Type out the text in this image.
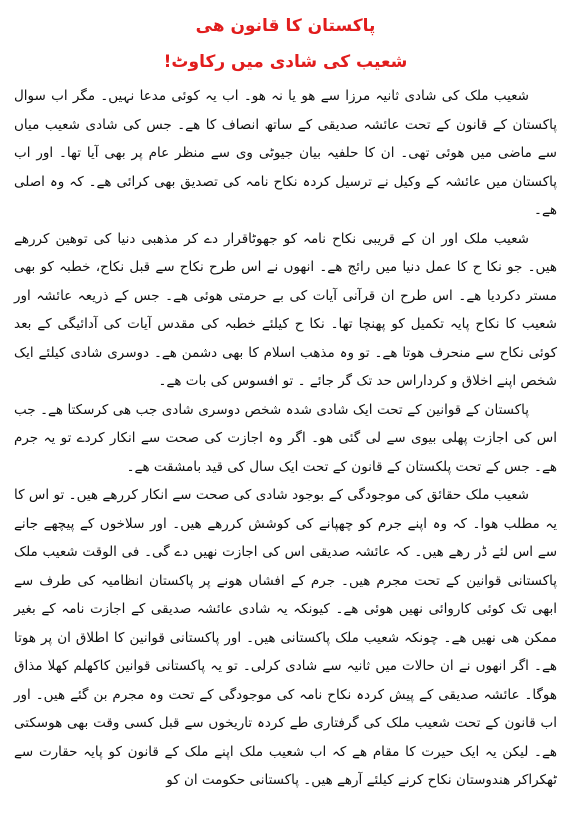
پاکستان کا قانون ھی
شعیب کی شادی میں رکاوٹ!

شعیب ملک کی شادی ثانیہ مرزا سے ھو یا نہ ھو۔ اب یہ کوئی مدعا نہیں۔ مگر اب سوال پاکستان کے قانون کے تحت عائشہ صدیقی کے ساتھ انصاف کا ھے۔ جس کی شادی شعیب میاں سے ماضی میں ھوئی تھی۔ ان کا حلفیہ بیان جیوٹی وی سے منظر عام پر بھی آیا تھا۔ اور اب پاکستان میں عائشہ کے وکیل نے ترسیل کردہ نکاح نامہ کی تصدیق بھی کرائی ھے۔ کہ وہ اصلی ھے۔

شعیب ملک اور ان کے قریبی نکاح نامہ کو جھوٹاقرار دے کر مذھبی دنیا کی توھین کررھے ھیں۔ جو نکا ح کا عمل دنیا میں رائج ھے۔ انھوں نے اس طرح نکاح سے قبل نکاح، خطبہ کو بھی مستر دکردیا ھے۔ اس طرح ان قرآنی آیات کی بے حرمتی ھوئی ھے۔ جس کے ذریعہ عائشہ اور شعیب کا نکاح پایہ تکمیل کو پھنچا تھا۔ نکا ح کیلئے خطبہ کی مقدس آیات کی آدائیگی کے بعد کوئی نکاح سے منحرف ھوتا ھے۔ تو وہ مذھب اسلام کا بھی دشمن ھے۔ دوسری شادی کیلئے ایک شخص اپنے اخلاق و کرداراس حد تک گر جائے ۔ تو افسوس کی بات ھے۔

پاکستان کے قوانین کے تحت ایک شادی شدہ شخص دوسری شادی جب ھی کرسکتا ھے۔ جب اس کی اجازت پھلی بیوی سے لی گئی ھو۔ اگر وہ اجازت کی صحت سے انکار کردے تو یہ جرم ھے۔ جس کے تحت پلکستان کے قانون کے تحت ایک سال کی قید بامشقت ھے۔

شعیب ملک حقائق کی موجودگی کے بوجود شادی کی صحت سے انکار کررھے ھیں۔ تو اس کا یہ مطلب ھوا۔ کہ وہ اپنے جرم کو چھپانے کی کوشش کررھے ھیں۔ اور سلاخوں کے پیچھے جانے سے اس لئے ڈر رھے ھیں۔ کہ عائشہ صدیقی اس کی اجازت نھیں دے گی۔ فی الوقت شعیب ملک پاکستانی قوانین کے تحت مجرم ھیں۔ جرم کے افشاں ھونے پر پاکستان انظامیہ کی طرف سے ابھی تک کوئی کاروائی نھیں ھوئی ھے۔ کیونکہ یہ شادی عائشہ صدیقی کے اجازت نامہ کے بغیر ممکن ھی نھیں ھے۔ چونکہ شعیب ملک پاکستانی ھیں۔ اور پاکستانی قوانین کا اطلاق ان پر ھوتا ھے۔ اگر انھوں نے ان حالات میں ثانیہ سے شادی کرلی۔ تو یہ پاکستانی قوانین کاکھلم کھلا مذاق ھوگا۔ عائشہ صدیقی کے پیش کردہ نکاح نامہ کی موجودگی کے تحت وہ مجرم بن گئے ھیں۔ اور اب قانون کے تحت شعیب ملک کی گرفتاری طے کردہ تاریخوں سے قبل کسی وقت بھی ھوسکتی ھے۔ لیکن یہ ایک حیرت کا مقام ھے کہ اب شعیب ملک اپنے ملک کے قانون کو پایہ حقارت سے ٹھکراکر ھندوستان نکاح کرنے کیلئے آرھے ھیں۔ پاکستانی حکومت ان کو
